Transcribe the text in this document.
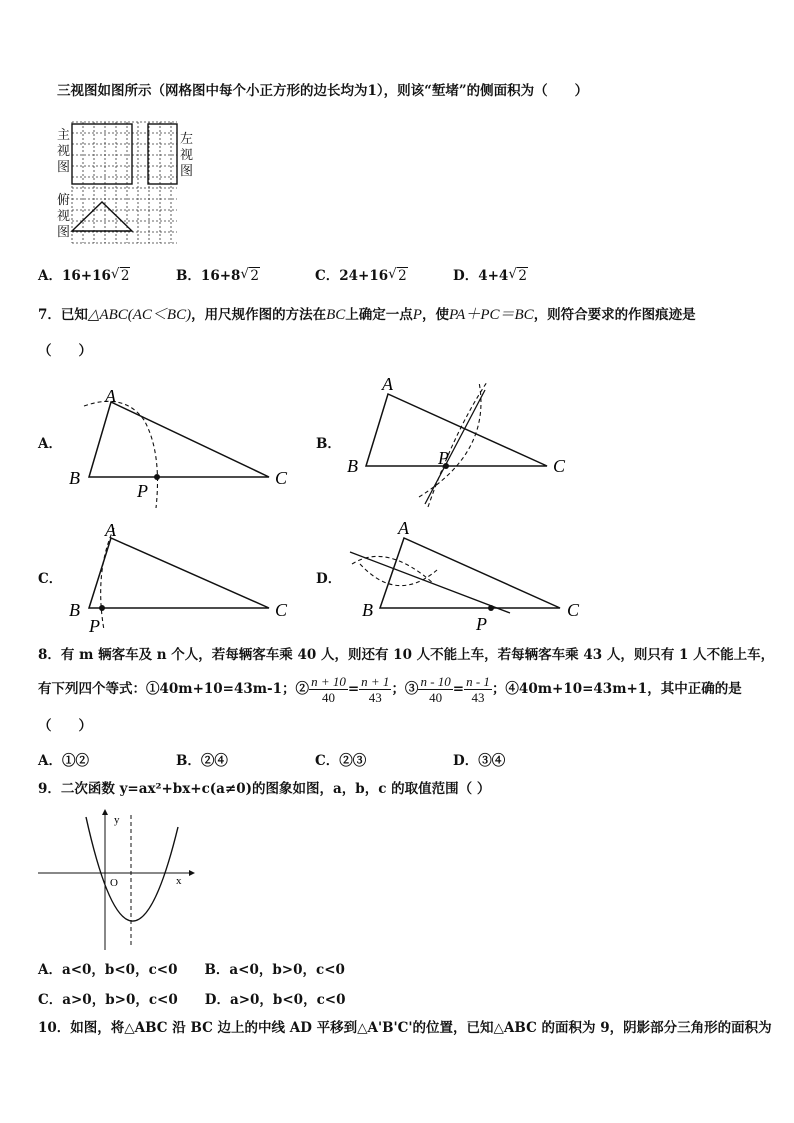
三视图如图所示（网格图中每个小正方形的边长均为1），则该“堑堵”的侧面积为（　　）
主
视
图
左
视
图
俯
视
图
A．16+16 √ 2	B．16+8 √ 2	C．24+16 √ 2	D．4+4 √ 2
7．已知△ABC(AC＜BC)，用尺规作图的方法在BC上确定一点P，使PA＋PC＝BC，则符合要求的作图痕迹是
（　　）
A．
A
B	C
P
B．
A
B	C
P
C．
A
B	C
P
D．
A
B	C
P
8．有 m 辆客车及 n 个人，若每辆客车乘 40 人，则还有 10 人不能上车，若每辆客车乘 43 人，则只有 1 人不能上车，
有下列四个等式：①40m+10=43m-1；② $\frac{n + 10}{40} = \frac{n + 1}{43}$ ；③ $\frac{n - 10}{40} = \frac{n - 1}{43}$ ；④40m+10=43m+1，其中正确的是
（　　）
A．①②	B．②④	C．②③	D．③④
9．二次函数 y=ax²+bx+c(a≠0)的图象如图，a，b，c 的取值范围（ ）
y
x
O
A．a<0，b<0，c<0　　B．a<0，b>0，c<0
C．a>0，b>0，c<0　　D．a>0，b<0，c<0
10．如图，将△ABC 沿 BC 边上的中线 AD 平移到△A'B'C'的位置，已知△ABC 的面积为 9，阴影部分三角形的面积为
